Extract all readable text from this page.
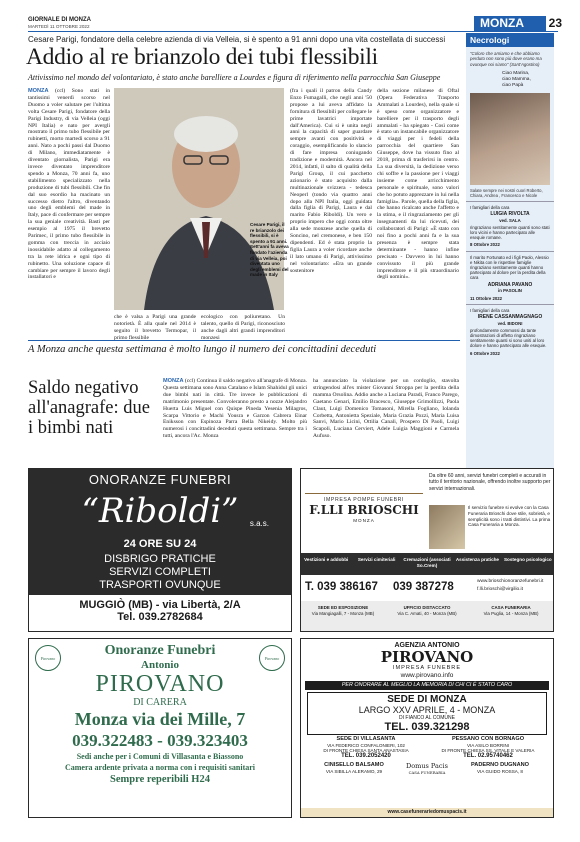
GIORNALE DI MONZA
MARTEDÌ 11 OTTOBRE 2022	MONZA	23
Cesare Parigi, fondatore della celebre azienda di via Velleia, si è spento a 91 anni dopo una vita costellata di successi
Addio al re brianzolo dei tubi flessibili
Attivissimo nel mondo del volontariato, è stato anche barelliere a Lourdes e figura di riferimento nella parrocchia San Giuseppe
MONZA (ccl) Sono stati in tantissimi venerdì scorso nel Duomo a voler salutare per l'ultima volta Cesare Parigi, fondatore della Parigi Industry, di via Velleia (oggi NPI Italia) e nato per avergli mostrato il primo tubo flessibile per rubinetti, morto martedì scorso a 91 anni. Nato a pochi passi dal Duomo di Milano, immediatamente è diventato giornalista, Parigi era invece diventato imprenditore spendo a Monza, 70 anni fa, uno stabilimento specializzato nella produzione di tubi flessibili. Che fin dal suo esordio ha macinato un successo dietro l'altro, diventando uno degli emblemi del made in Italy, pace di confermare per sempre la sua geniale creatività. Basti per esempio al 1975 il brevetto Parimec, il primo tubo flessibile in gomma con treccia in acciaio inossidabile adatto al collegamento tra la rete idrica e ogni tipo di rubinetto. Una soluzione capace di cambiare per sempre il lavoro degli installatori e
Cesare Parigi, il re brianzolo dei flessibili, si è spento a 91 anni. Sett'anni fa aveva fondato l'azienda di via Velleia, poi diventata uno degli emblemi del made in Italy
che è valsa a Parigi una grande notorietà. È alla quale nel 2014 è seguito il brevetto Termopar, il primo flessibile
ecologico con poliuretano. Un talento, quello di Parigi, riconosciuto anche dagli altri grandi imprenditori monzesi
(fra i quali il patron della Candy Enzo Fumagalli, che negli anni '50 propose a lui aveva affidato la fornitura di flessibili per collegare le prime lavatrici importate dall'America). Cui si è unita negli anni la capacità di saper guardare sempre avanti con positività e coraggio, esemplificando lo slancio di fare impresa coniugando tradizione e modernità. Ancora nel 2014, infatti, il salto di qualità della Parigi Group, il cui pacchetto azionario è stato acquisito dalla multinazionale svizzera - tedesca Neoperl (tondo via quattro anni dopo alla NPI Italia, oggi guidata dalla figlia di Parigi, Laura e dal marito Fabio Riboldi). Un vero e proprio impero che oggi conta oltre alla sede monzese anche quella di Soncino, nel cremonese, e ben 150 dipendenti. Ed è stata proprio la figlia Laura a voler ricordare anche il lato umano di Parigi, attivissimo nel volontariato: «Era un grande sostenitore
della sezione milanese di Oftal (Opera Federativa Trasporto Ammalati a Lourdes), nella quale si è speso come organizzatore e barelliere per il trasporto degli ammalati - ha spiegato - Così come è stato un instancabile organizzatore di viaggi per i fedeli della parrocchia del quartiere San Giuseppe, dove ha vissuto fino al 2018, prima di trasferirsi in centro. La sua diversità, la dedizione verso chi soffre e la passione per i viaggi insieme come arricchimento personale e spirituale, sono valori che ho potuto apprezzare in lui nella famiglia». Parole, quella della figlia, che hanno ricalcato anche l'affetto e la stima, e il ringraziamento per gli insegnamenti da lui ricevuti, dei collaboratori di Parigi: «È stato con noi fino a pochi anni fa e la sua presenza è sempre stata determinante - hanno infine precisato - Davvero in lui hanno convissuto il più grande imprenditore e il più straordinario degli uomini».
Necrologi
"Coloro che amiamo e che abbiamo perduto non sono più dove erano ma ovunque noi siamo" (Sant'Agostino)
Ciao Marina,
ciao Mamma,
ciao Papà
Salate sempre nei nostri cuori Roberto, Chiara, Andrea , Francesco e Nicole
I famigliari della cara
LUIGIA RIVOLTA
ved. SALA
ringraziano sentitamente quanti sono stati loro vicini e hanno partecipato alle esequie romane.
8 Ottobre 2022
Il marito Fortunato ed i figli Paolo, Alessio e Nikita con le rispettive famiglie ringraziano sentitamente quanti hanno partecipato al dolore per la perdita della cara
ADRIANA PAVANO
in PASOLIN
11 Ottobre 2022
I famigliari della cara
IRENE CASSANMAGNAGO
ved. BIDONI
profondamente commossi da tante dimostrazioni di affetto ringraziano sentitamente quanti si sono uniti al loro dolore e hanno partecipato alle esequie.
6 Ottobre 2022
A Monza anche questa settimana è molto lungo il numero dei concittadini deceduti
Saldo negativo all'anagrafe: due i bimbi nati
MONZA (ccl) Continua il saldo negativo all'anagrafe di Monza. Questa settimana sono Anna Catalano e Islam Shahidul gli unici due bimbi nati in città. Tre invece le pubblicazioni di matrimonio presentate. Convoleranno presto a nozze Alejandro Huerta Luis Miguel con Quispe Pineda Yesenia Milagros, Scarpa Vittorio e Machi Yousra e Garzon Cabrera Einar Eniksson con Espinoza Parra Bella Nikeidy. Molto più numerosi i concittadini deceduti questa settimana. Sempre tra i tutti, ancora l'Ac. Monza
ha annunciato la violazione per un cordoglio, stavolta stringendosi all'ex mister Giovanni Stroppa per la perdita della mamma Orsolina. Addio anche a Luciana Paradi, Franco Parego, Gaetano Genari, Emilio Bracesco, Giuseppe Grimollizzi, Paola Claut, Luigi Domenico Tomasoni, Mirella Fogliano, Iolanda Corbetta, Antonietta Speziale, Maria Grazia Pozzi, Maria Luisa Sanvi, Mario Licini, Ottilia Canali, Prospero Di Paoli, Luigi Scapoli, Luciana Cerviert, Adele Luigia Maggioni e Carmela Aufuso.
ONORANZE FUNEBRI
“Riboldi” s.a.s.
24 ORE SU 24
DISBRIGO PRATICHE
SERVIZI COMPLETI
TRASPORTI OVUNQUE
MUGGIÒ (MB) - via Libertà, 2/A
Tel. 039.2782684
IMPRESA POMPE FUNEBRI
F.LLI BRIOSCHI
MONZA
Da oltre 60 anni, servizi funebri completi e accurati in tutto il territorio nazionale, offrendo inoltre supporto per servizi internazionali.
Il servizio funebre si evolve con la Casa Funeraria Brioschi dove stile, sobrietà, e semplicità sono i tratti distintivi. La prima Casa Funeraria a Monza.
Vestizioni e addobbi	Servizi cimiteriali	Cremazioni (associati So.Crem)
Assistenza pratiche	Sostegno psicologico
T. 039 386167 039 387278	www.brioschionoranzefunebri.it
f.lli.brioschi@virgilio.it
SEDE ED ESPOSIZIONE
Via Mangiagalli, 7 - Monza (MB)
UFFICIO DISTACCATO
Via C. Amati, 40 - Monza (MB)
CASA FUNERARIA
Via Puglia, 14 - Monza (MB)
Pirovano	Pirovano
Onoranze Funebri
Antonio
PIROVANO
DI CARERA
Monza via dei Mille, 7
039.322483 - 039.323403
Sedi anche per i Comuni di Villasanta e Biassono
Camera ardente privata a norma con i requisiti sanitari
Sempre reperibili H24
AGENZIA ANTONIO
PIROVANO
IMPRESA FUNEBRE
www.pirovano.info
PER ONORARE AL MEGLIO LA MEMORIA DI CHI CI È STATO CARO
SEDE DI MONZA
LARGO XXV APRILE, 4 - MONZA
DI FIANCO AL COMUNE
TEL. 039.321298
SEDE DI VILLASANTA
VIA FEDERICO CONFALONIERI, 102
DI FRONTE CHIESA SANTA ANASTASIA
TEL. 039.2052420
PESSANO CON BORNAGO
VIA ASILO BORRINI
DI FRONTE CHIESA SS. VITALE E VALERIA
TEL. 02.95740462
CINISELLO BALSAMO
VIA SIBILLA ALERAMO, 29
Domus Pacis
CASA FUNERARIA
PADERNO DUGNANO
VIA GUIDO ROSSA, 8
www.casefunerariedomuspacis.it
